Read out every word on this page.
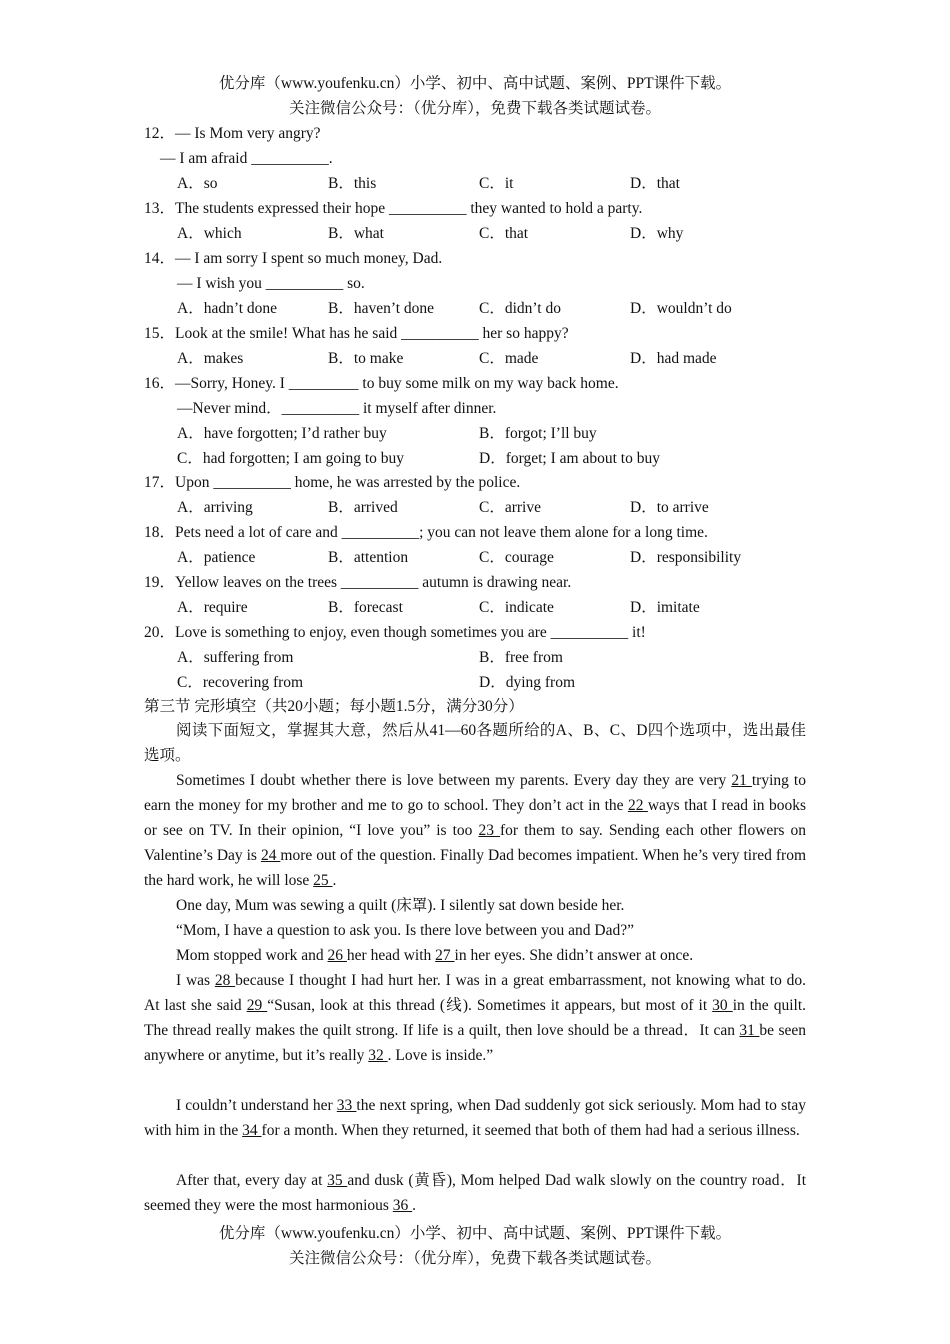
优分库（www.youfenku.cn）小学、初中、高中试题、案例、PPT课件下载。
关注微信公众号：（优分库），免费下载各类试题试卷。
12．— Is Mom very angry?
— I am afraid __________.
A．so	B．this	C．it	D．that
13．The students expressed their hope __________ they wanted to hold a party.
A．which	B．what	C．that	D．why
14．— I am sorry I spent so much money, Dad.
— I wish you __________ so.
A．hadn’t done	B．haven’t done	C．didn’t do	D．wouldn’t do
15．Look at the smile! What has he said __________ her so happy?
A．makes	B．to make	C．made	D．had made
16．—Sorry, Honey. I _________ to buy some milk on my way back home.
—Never mind．__________ it myself after dinner.
A．have forgotten; I’d rather buy	B．forgot; I’ll buy
C．had forgotten; I am going to buy	D．forget; I am about to buy
17．Upon __________ home, he was arrested by the police.
A．arriving	B．arrived	C．arrive	D．to arrive
18．Pets need a lot of care and __________; you can not leave them alone for a long time.
A．patience	B．attention	C．courage	D．responsibility
19．Yellow leaves on the trees __________ autumn is drawing near.
A．require	B．forecast	C．indicate	D．imitate
20．Love is something to enjoy, even though sometimes you are __________ it!
A．suffering from	B．free from
C．recovering from	D．dying from
第三节 完形填空（共20小题；每小题1.5分，满分30分）
阅读下面短文，掌握其大意，然后从41—60各题所给的A、B、C、D四个选项中，选出最佳选项。
Sometimes I doubt whether there is love between my parents. Every day they are very 21 trying to earn the money for my brother and me to go to school. They don’t act in the 22 ways that I read in books or see on TV. In their opinion, “I love you” is too 23 for them to say. Sending each other flowers on Valentine’s Day is 24 more out of the question. Finally Dad becomes impatient. When he’s very tired from the hard work, he will lose 25 .
One day, Mum was sewing a quilt (床罩). I silently sat down beside her.
“Mom, I have a question to ask you. Is there love between you and Dad?”
Mom stopped work and 26 her head with 27 in her eyes. She didn’t answer at once.
I was 28 because I thought I had hurt her. I was in a great embarrassment, not knowing what to do. At last she said 29 “Susan, look at this thread (线). Sometimes it appears, but most of it 30 in the quilt. The thread really makes the quilt strong. If life is a quilt, then love should be a thread．It can 31 be seen anywhere or anytime, but it’s really 32 . Love is inside.”
I couldn’t understand her 33 the next spring, when Dad suddenly got sick seriously. Mom had to stay with him in the 34 for a month. When they returned, it seemed that both of them had had a serious illness.
After that, every day at 35 and dusk (黄昏), Mom helped Dad walk slowly on the country road．It seemed they were the most harmonious 36 .
优分库（www.youfenku.cn）小学、初中、高中试题、案例、PPT课件下载。
关注微信公众号：（优分库），免费下载各类试题试卷。
